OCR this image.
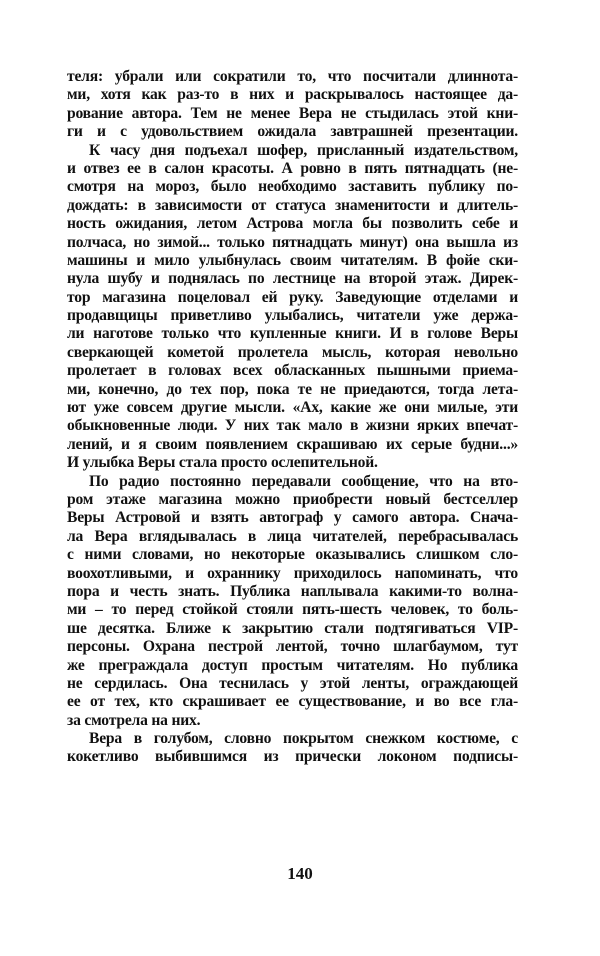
теля: убрали или сократили то, что посчитали длиннота-
ми, хотя как раз-то в них и раскрывалось настоящее да-
рование автора. Тем не менее Вера не стыдилась этой кни-
ги и с удовольствием ожидала завтрашней презентации.
К часу дня подъехал шофер, присланный издательством,
и отвез ее в салон красоты. А ровно в пять пятнадцать (не-
смотря на мороз, было необходимо заставить публику по-
дождать: в зависимости от статуса знаменитости и длитель-
ность ожидания, летом Астрова могла бы позволить себе и
полчаса, но зимой... только пятнадцать минут) она вышла из
машины и мило улыбнулась своим читателям. В фойе ски-
нула шубу и поднялась по лестнице на второй этаж. Дирек-
тор магазина поцеловал ей руку. Заведующие отделами и
продавщицы приветливо улыбались, читатели уже держа-
ли наготове только что купленные книги. И в голове Веры
сверкающей кометой пролетела мысль, которая невольно
пролетает в головах всех обласканных пышными приема-
ми, конечно, до тех пор, пока те не приедаются, тогда лета-
ют уже совсем другие мысли. «Ах, какие же они милые, эти
обыкновенные люди. У них так мало в жизни ярких впечат-
лений, и я своим появлением скрашиваю их серые будни...»
И улыбка Веры стала просто ослепительной.
По радио постоянно передавали сообщение, что на вто-
ром этаже магазина можно приобрести новый бестселлер
Веры Астровой и взять автограф у самого автора. Снача-
ла Вера вглядывалась в лица читателей, перебрасывалась
с ними словами, но некоторые оказывались слишком сло-
воохотливыми, и охраннику приходилось напоминать, что
пора и честь знать. Публика наплывала какими-то волна-
ми – то перед стойкой стояли пять-шесть человек, то боль-
ше десятка. Ближе к закрытию стали подтягиваться VIP-
персоны. Охрана пестрой лентой, точно шлагбаумом, тут
же преграждала доступ простым читателям. Но публика
не сердилась. Она теснилась у этой ленты, ограждающей
ее от тех, кто скрашивает ее существование, и во все гла-
за смотрела на них.
Вера в голубом, словно покрытом снежком костюме, с
кокетливо выбившимся из прически локоном подписы-
140
